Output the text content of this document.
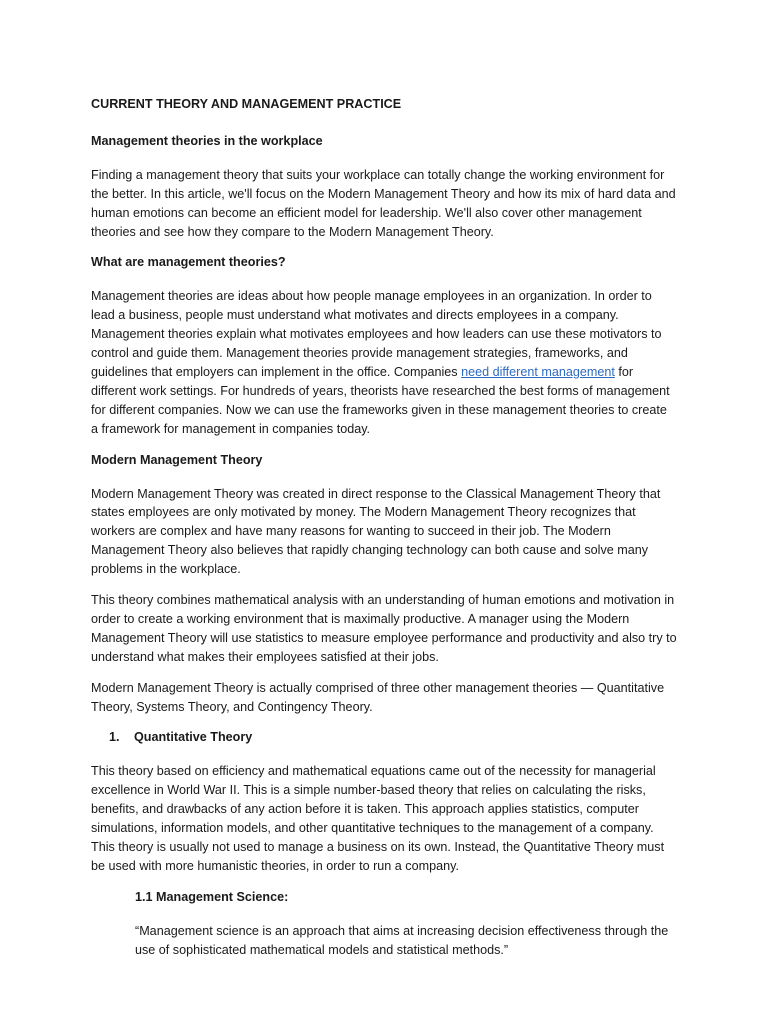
CURRENT THEORY AND MANAGEMENT PRACTICE

Management theories in the workplace

Finding a management theory that suits your workplace can totally change the working environment for the better. In this article, we'll focus on the Modern Management Theory and how its mix of hard data and human emotions can become an efficient model for leadership. We'll also cover other management theories and see how they compare to the Modern Management Theory.

What are management theories?

Management theories are ideas about how people manage employees in an organization. In order to lead a business, people must understand what motivates and directs employees in a company. Management theories explain what motivates employees and how leaders can use these motivators to control and guide them. Management theories provide management strategies, frameworks, and guidelines that employers can implement in the office. Companies need different management for different work settings. For hundreds of years, theorists have researched the best forms of management for different companies. Now we can use the frameworks given in these management theories to create a framework for management in companies today.

Modern Management Theory

Modern Management Theory was created in direct response to the Classical Management Theory that states employees are only motivated by money. The Modern Management Theory recognizes that workers are complex and have many reasons for wanting to succeed in their job. The Modern Management Theory also believes that rapidly changing technology can both cause and solve many problems in the workplace.

This theory combines mathematical analysis with an understanding of human emotions and motivation in order to create a working environment that is maximally productive. A manager using the Modern Management Theory will use statistics to measure employee performance and productivity and also try to understand what makes their employees satisfied at their jobs.

Modern Management Theory is actually comprised of three other management theories — Quantitative Theory, Systems Theory, and Contingency Theory.

1.	Quantitative Theory

This theory based on efficiency and mathematical equations came out of the necessity for managerial excellence in World War II. This is a simple number-based theory that relies on calculating the risks, benefits, and drawbacks of any action before it is taken. This approach applies statistics, computer simulations, information models, and other quantitative techniques to the management of a company. This theory is usually not used to manage a business on its own. Instead, the Quantitative Theory must be used with more humanistic theories, in order to run a company.

1.1 Management Science:

“Management science is an approach that aims at increasing decision effectiveness through the use of sophisticated mathematical models and statistical methods.”
